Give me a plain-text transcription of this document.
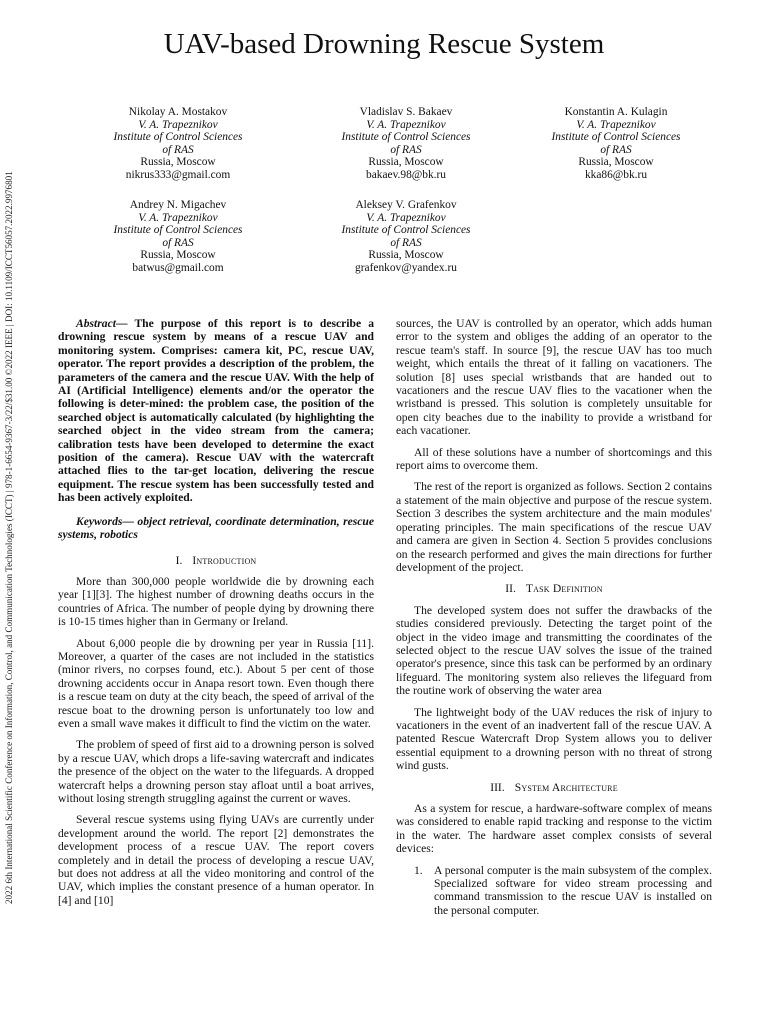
2022 6th International Scientific Conference on Information, Control, and Communication Technologies (ICCT) | 978-1-6654-9367-3/22/$31.00 ©2022 IEEE | DOI: 10.1109/ICCT56057.2022.9976801
UAV-based Drowning Rescue System
Nikolay A. Mostakov
V. A. Trapeznikov
Institute of Control Sciences
of RAS
Russia, Moscow
nikrus333@gmail.com
Vladislav S. Bakaev
V. A. Trapeznikov
Institute of Control Sciences
of RAS
Russia, Moscow
bakaev.98@bk.ru
Konstantin A. Kulagin
V. A. Trapeznikov
Institute of Control Sciences
of RAS
Russia, Moscow
kka86@bk.ru
Andrey N. Migachev
V. A. Trapeznikov
Institute of Control Sciences
of RAS
Russia, Moscow
batwus@gmail.com
Aleksey V. Grafenkov
V. A. Trapeznikov
Institute of Control Sciences
of RAS
Russia, Moscow
grafenkov@yandex.ru
Abstract— The purpose of this report is to describe a drowning rescue system by means of a rescue UAV and monitoring system. Comprises: camera kit, PC, rescue UAV, operator. The report provides a description of the problem, the parameters of the camera and the rescue UAV. With the help of AI (Artificial Intelligence) elements and/or the operator the following is deter-mined: the problem case, the position of the searched object is automatically calculated (by highlighting the searched object in the video stream from the camera; calibration tests have been developed to determine the exact position of the camera). Rescue UAV with the watercraft attached flies to the tar-get location, delivering the rescue equipment. The rescue system has been successfully tested and has been actively exploited.
Keywords— object retrieval, coordinate determination, rescue systems, robotics
I. Introduction

More than 300,000 people worldwide die by drowning each year [1][3]. The highest number of drowning deaths occurs in the countries of Africa. The number of people dying by drowning there is 10-15 times higher than in Germany or Ireland.

About 6,000 people die by drowning per year in Russia [11]. Moreover, a quarter of the cases are not included in the statistics (minor rivers, no corpses found, etc.). About 5 per cent of those drowning accidents occur in Anapa resort town. Even though there is a rescue team on duty at the city beach, the speed of arrival of the rescue boat to the drowning person is unfortunately too low and even a small wave makes it difficult to find the victim on the water.

The problem of speed of first aid to a drowning person is solved by a rescue UAV, which drops a life-saving watercraft and indicates the presence of the object on the water to the lifeguards. A dropped watercraft helps a drowning person stay afloat until a boat arrives, without losing strength struggling against the current or waves.

Several rescue systems using flying UAVs are currently under development around the world. The report [2] demonstrates the development process of a rescue UAV. The report covers completely and in detail the process of developing a rescue UAV, but does not address at all the video monitoring and control of the UAV, which implies the constant presence of a human operator. In [4] and [10]

sources, the UAV is controlled by an operator, which adds human error to the system and obliges the adding of an operator to the rescue team's staff. In source [9], the rescue UAV has too much weight, which entails the threat of it falling on vacationers. The solution [8] uses special wristbands that are handed out to vacationers and the rescue UAV flies to the vacationer when the wristband is pressed. This solution is completely unsuitable for open city beaches due to the inability to provide a wristband for each vacationer.

All of these solutions have a number of shortcomings and this report aims to overcome them.

The rest of the report is organized as follows. Section 2 contains a statement of the main objective and purpose of the rescue system. Section 3 describes the system architecture and the main modules' operating principles. The main specifications of the rescue UAV and camera are given in Section 4. Section 5 provides conclusions on the research performed and gives the main directions for further development of the project.

II. Task Definition

The developed system does not suffer the drawbacks of the studies considered previously. Detecting the target point of the object in the video image and transmitting the coordinates of the selected object to the rescue UAV solves the issue of the trained operator's presence, since this task can be performed by an ordinary lifeguard. The monitoring system also relieves the lifeguard from the routine work of observing the water area

The lightweight body of the UAV reduces the risk of injury to vacationers in the event of an inadvertent fall of the rescue UAV. A patented Rescue Watercraft Drop System allows you to deliver essential equipment to a drowning person with no threat of strong wind gusts.

III. System Architecture

As a system for rescue, a hardware-software complex of means was considered to enable rapid tracking and response to the victim in the water. The hardware asset complex consists of several devices:

1. A personal computer is the main subsystem of the complex. Specialized software for video stream processing and command transmission to the rescue UAV is installed on the personal computer.
